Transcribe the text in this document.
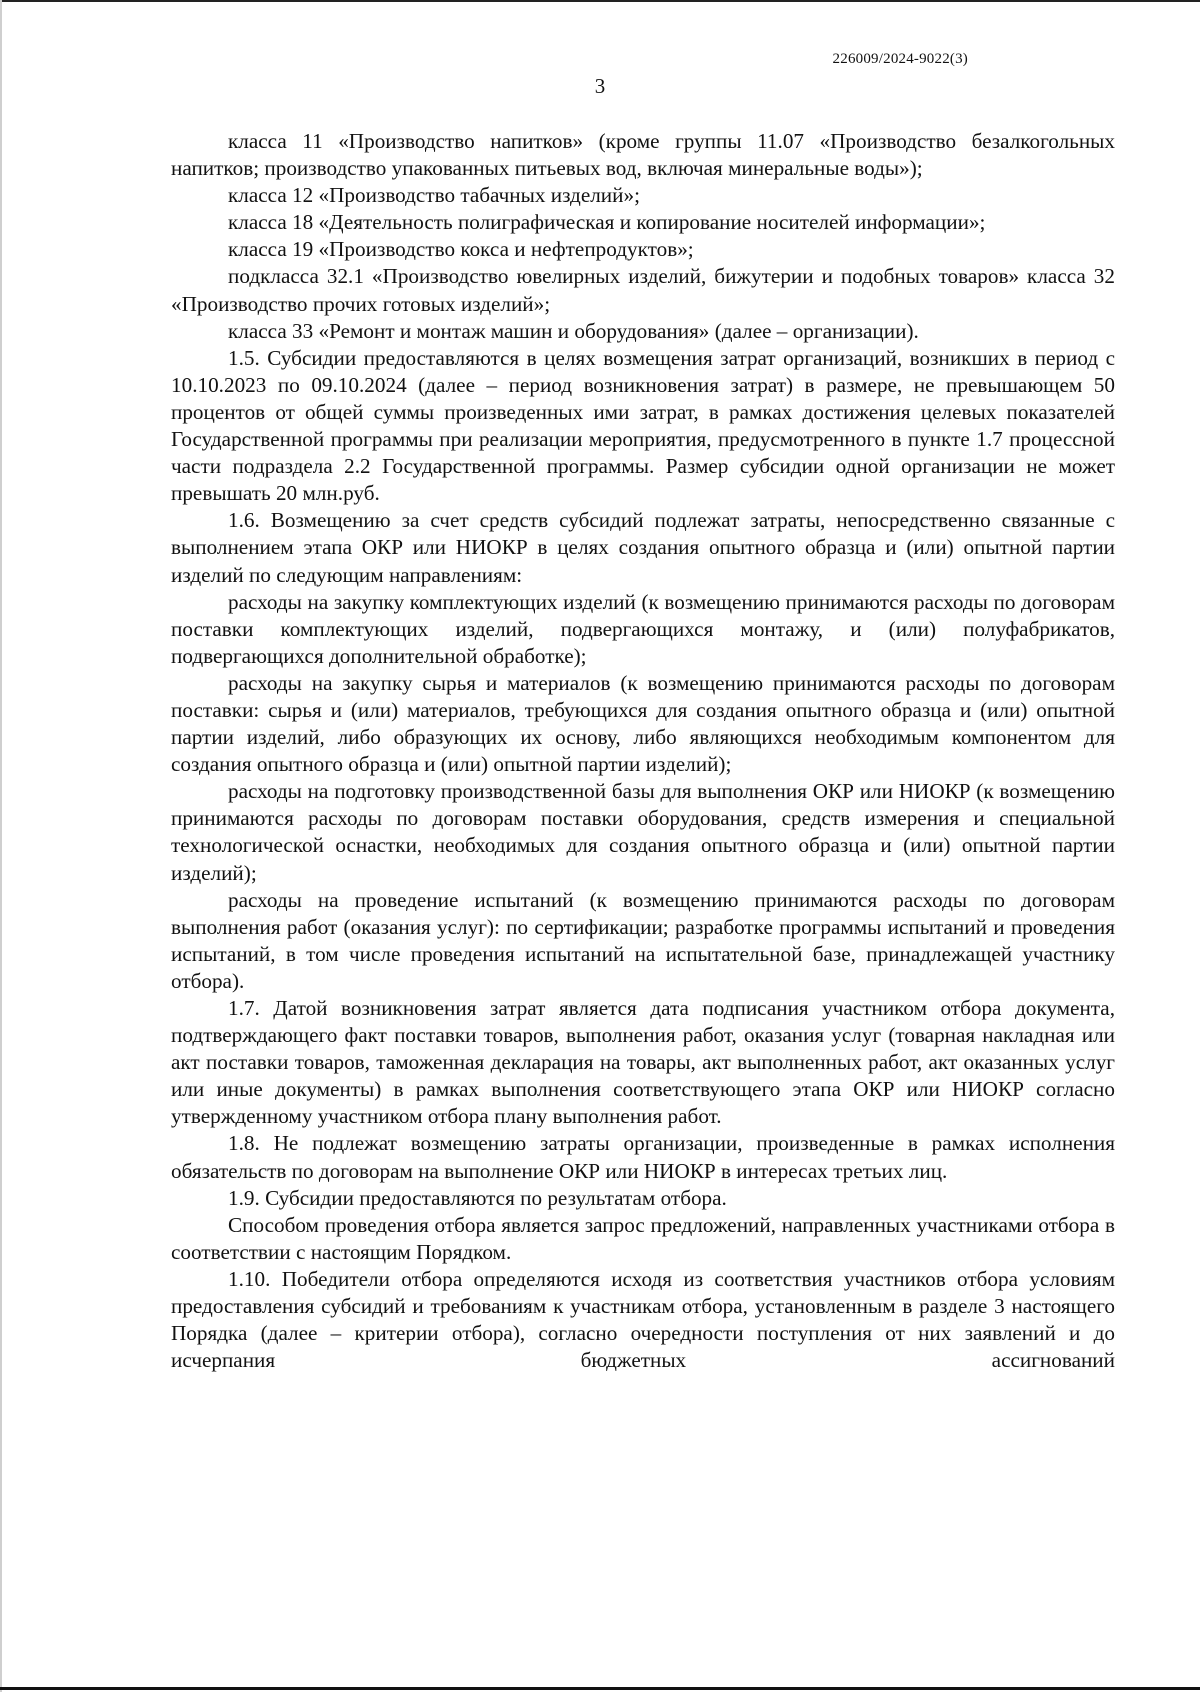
226009/2024-9022(3)
3

класса 11 «Производство напитков» (кроме группы 11.07 «Производство безалкогольных напитков; производство упакованных питьевых вод, включая минеральные воды»);

класса 12 «Производство табачных изделий»;

класса 18 «Деятельность полиграфическая и копирование носителей информации»;

класса 19 «Производство кокса и нефтепродуктов»;

подкласса 32.1 «Производство ювелирных изделий, бижутерии и подобных товаров» класса 32 «Производство прочих готовых изделий»;

класса 33 «Ремонт и монтаж машин и оборудования» (далее – организации).

1.5. Субсидии предоставляются в целях возмещения затрат организаций, возникших в период с 10.10.2023 по 09.10.2024 (далее – период возникновения затрат) в размере, не превышающем 50 процентов от общей суммы произведенных ими затрат, в рамках достижения целевых показателей Государственной программы при реализации мероприятия, предусмотренного в пункте 1.7 процессной части подраздела 2.2 Государственной программы. Размер субсидии одной организации не может превышать 20 млн.руб.

1.6. Возмещению за счет средств субсидий подлежат затраты, непосредственно связанные с выполнением этапа ОКР или НИОКР в целях создания опытного образца и (или) опытной партии изделий по следующим направлениям:

расходы на закупку комплектующих изделий (к возмещению принимаются расходы по договорам поставки комплектующих изделий, подвергающихся монтажу, и (или) полуфабрикатов, подвергающихся дополнительной обработке);

расходы на закупку сырья и материалов (к возмещению принимаются расходы по договорам поставки: сырья и (или) материалов, требующихся для создания опытного образца и (или) опытной партии изделий, либо образующих их основу, либо являющихся необходимым компонентом для создания опытного образца и (или) опытной партии изделий);

расходы на подготовку производственной базы для выполнения ОКР или НИОКР (к возмещению принимаются расходы по договорам поставки оборудования, средств измерения и специальной технологической оснастки, необходимых для создания опытного образца и (или) опытной партии изделий);

расходы на проведение испытаний (к возмещению принимаются расходы по договорам выполнения работ (оказания услуг): по сертификации; разработке программы испытаний и проведения испытаний, в том числе проведения испытаний на испытательной базе, принадлежащей участнику отбора).

1.7. Датой возникновения затрат является дата подписания участником отбора документа, подтверждающего факт поставки товаров, выполнения работ, оказания услуг (товарная накладная или акт поставки товаров, таможенная декларация на товары, акт выполненных работ, акт оказанных услуг или иные документы) в рамках выполнения соответствующего этапа ОКР или НИОКР согласно утвержденному участником отбора плану выполнения работ.

1.8. Не подлежат возмещению затраты организации, произведенные в рамках исполнения обязательств по договорам на выполнение ОКР или НИОКР в интересах третьих лиц.

1.9. Субсидии предоставляются по результатам отбора.

Способом проведения отбора является запрос предложений, направленных участниками отбора в соответствии с настоящим Порядком.

1.10. Победители отбора определяются исходя из соответствия участников отбора условиям предоставления субсидий и требованиям к участникам отбора, установленным в разделе 3 настоящего Порядка (далее – критерии отбора), согласно очередности поступления от них заявлений и до исчерпания бюджетных ассигнований
